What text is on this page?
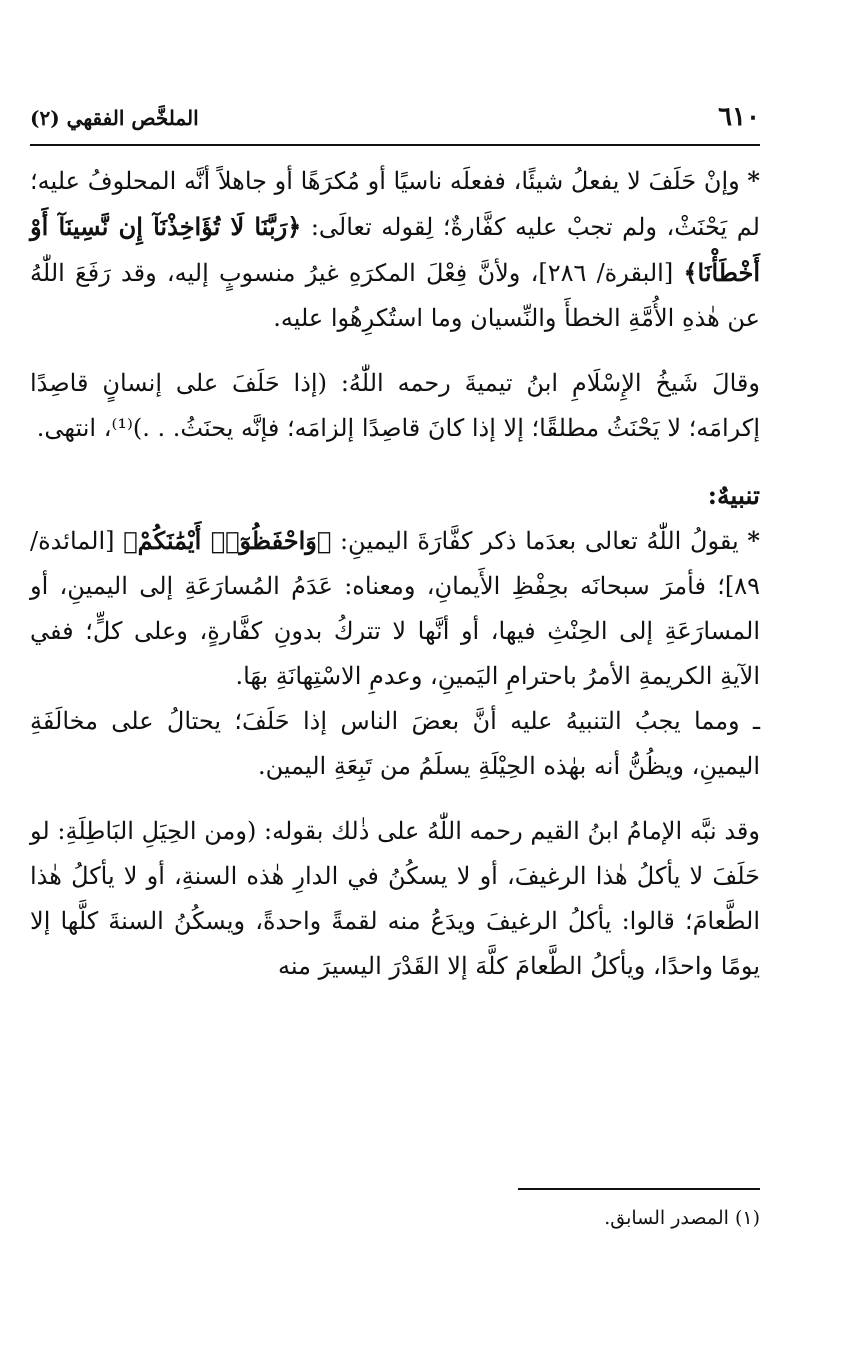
٦١٠
الملخَّص الفقهي (٢)

* وإنْ حَلَفَ لا يفعلُ شيئًا، ففعلَه ناسيًا أو مُكرَهًا أو جاهلاً أنَّه المحلوفُ عليه؛ لم يَحْنَثْ، ولم تجبْ عليه كفَّارةٌ؛ لِقوله تعالَى: ﴿رَبَّنَا لَا تُؤَاخِذْنَآ إِن نَّسِينَآ أَوْ أَخْطَأْنَا﴾ [البقرة/ ٢٨٦]، ولأنَّ فِعْلَ المكرَهِ غيرُ منسوبٍ إليه، وقد رَفَعَ اللّٰهُ عن هٰذهِ الأُمَّةِ الخطأَ والنِّسيان وما استُكرِهُوا عليه.

وقالَ شَيخُ الإِسْلَامِ ابنُ تيميةَ رحمه اللّٰهُ: (إذا حَلَفَ على إنسانٍ قاصِدًا إكرامَه؛ لا يَحْنَثُ مطلقًا؛ إلا إذا كانَ قاصِدًا إلزامَه؛ فإنَّه يحنَثُ. . .)⁽¹⁾، انتهى.

تنبيهٌ:

* يقولُ اللّٰهُ تعالى بعدَما ذكر كفَّارَةَ اليمينِ: ﴿وَاحْفَظُوٓا۟ أَيْمَٰنَكُمْ﴾ [المائدة/ ٨٩]؛ فأمرَ سبحانَه بحِفْظِ الأَيمانِ، ومعناه: عَدَمُ المُسارَعَةِ إلى اليمينِ، أو المسارَعَةِ إلى الحِنْثِ فيها، أو أنَّها لا تتركُ بدونِ كفَّارةٍ، وعلى كلٍّ؛ ففي الآيةِ الكريمةِ الأمرُ باحترامِ اليَمينِ، وعدمِ الاسْتِهانَةِ بهَا.

ـ ومما يجبُ التنبيهُ عليه أنَّ بعضَ الناس إذا حَلَفَ؛ يحتالُ على مخالَفَةِ اليمينِ، ويظُنُّ أنه بهٰذه الحِيْلَةِ يسلَمُ من تَبِعَةِ اليمين.

وقد نبَّه الإمامُ ابنُ القيم رحمه اللّٰهُ على ذٰلك بقوله: (ومن الحِيَلِ البَاطِلَةِ: لو حَلَفَ لا يأكلُ هٰذا الرغيفَ، أو لا يسكُنُ في الدارِ هٰذه السنةِ، أو لا يأكلُ هٰذا الطَّعامَ؛ قالوا: يأكلُ الرغيفَ ويدَعُ منه لقمةً واحدةً، ويسكُنُ السنةَ كلَّها إلا يومًا واحدًا، ويأكلُ الطَّعامَ كلَّهَ إلا القَدْرَ اليسيرَ منه

(١) المصدر السابق.
